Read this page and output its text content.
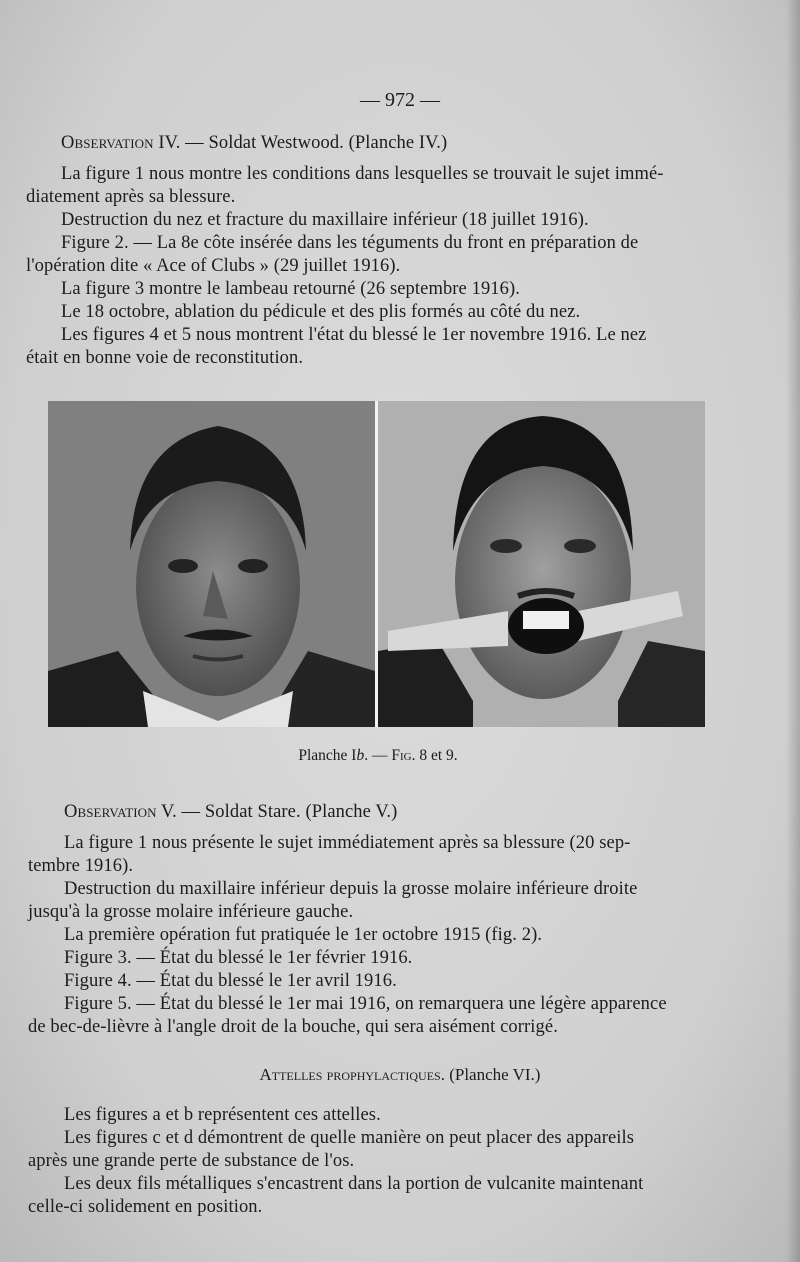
— 972 —
Observation IV. — Soldat Westwood. (Planche IV.)
La figure 1 nous montre les conditions dans lesquelles se trouvait le sujet immé-
diatement après sa blessure.
Destruction du nez et fracture du maxillaire inférieur (18 juillet 1916).
Figure 2. — La 8e côte insérée dans les téguments du front en préparation de
l'opération dite « Ace of Clubs » (29 juillet 1916).
La figure 3 montre le lambeau retourné (26 septembre 1916).
Le 18 octobre, ablation du pédicule et des plis formés au côté du nez.
Les figures 4 et 5 nous montrent l'état du blessé le 1er novembre 1916. Le nez
était en bonne voie de reconstitution.
Planche Ib. — Fig. 8 et 9.
Observation V. — Soldat Stare. (Planche V.)
La figure 1 nous présente le sujet immédiatement après sa blessure (20 sep-
tembre 1916).
Destruction du maxillaire inférieur depuis la grosse molaire inférieure droite
jusqu'à la grosse molaire inférieure gauche.
La première opération fut pratiquée le 1er octobre 1915 (fig. 2).
Figure 3. — État du blessé le 1er février 1916.
Figure 4. — État du blessé le 1er avril 1916.
Figure 5. — État du blessé le 1er mai 1916, on remarquera une légère apparence
de bec-de-lièvre à l'angle droit de la bouche, qui sera aisément corrigé.
Attelles prophylactiques. (Planche VI.)
Les figures a et b représentent ces attelles.
Les figures c et d démontrent de quelle manière on peut placer des appareils
après une grande perte de substance de l'os.
Les deux fils métalliques s'encastrent dans la portion de vulcanite maintenant
celle-ci solidement en position.
